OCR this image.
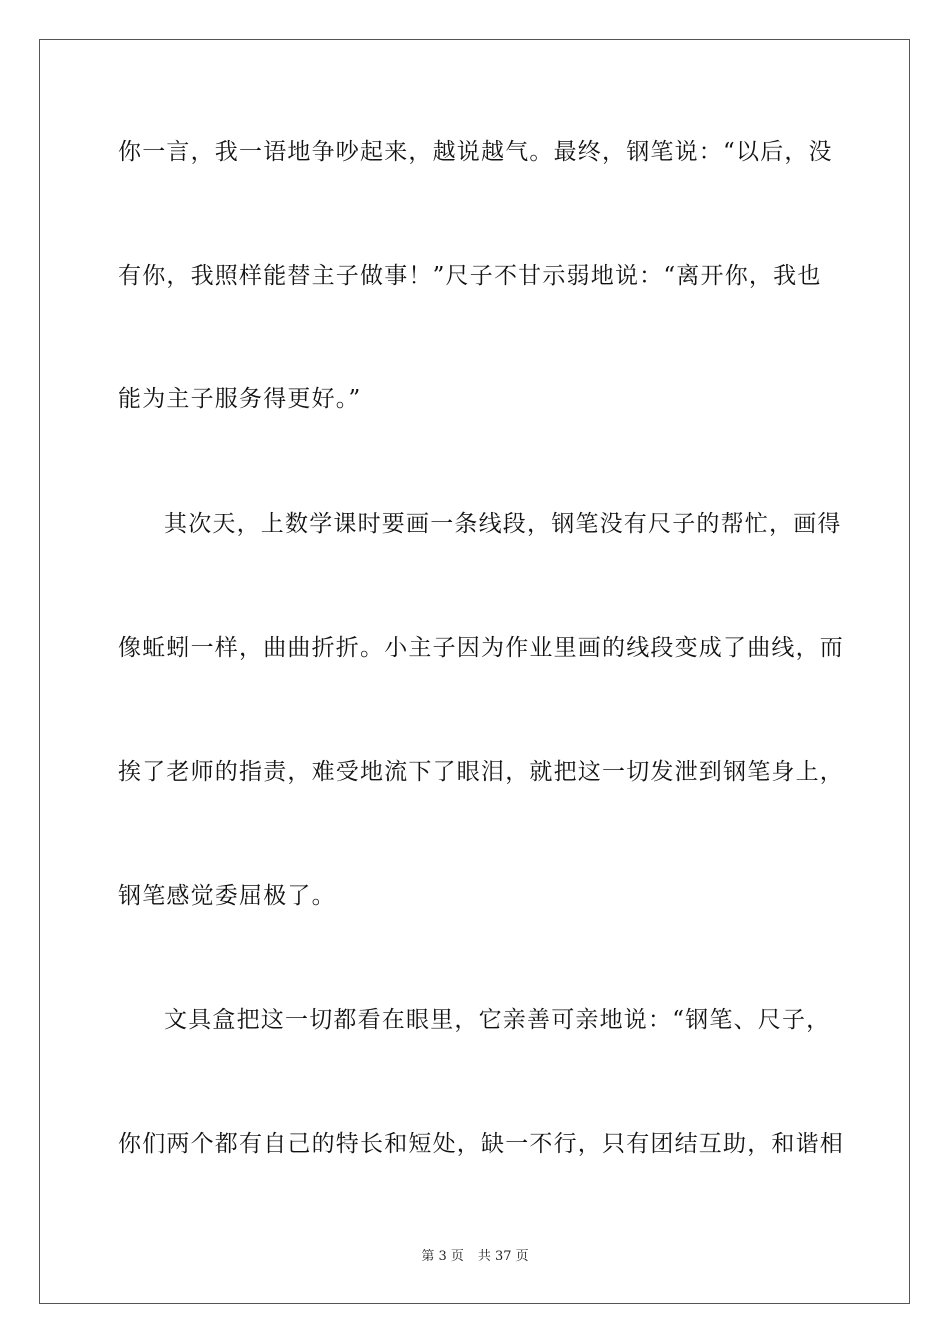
你一言，我一语地争吵起来，越说越气。最终，钢笔说：“以后，没
有你，我照样能替主子做事！”尺子不甘示弱地说：“离开你，我也
能为主子服务得更好。”
其次天，上数学课时要画一条线段，钢笔没有尺子的帮忙，画得
像蚯蚓一样，曲曲折折。小主子因为作业里画的线段变成了曲线，而
挨了老师的指责，难受地流下了眼泪，就把这一切发泄到钢笔身上，
钢笔感觉委屈极了。
文具盒把这一切都看在眼里，它亲善可亲地说：“钢笔、尺子，
你们两个都有自己的特长和短处，缺一不行，只有团结互助，和谐相
第 3 页 共 37 页
